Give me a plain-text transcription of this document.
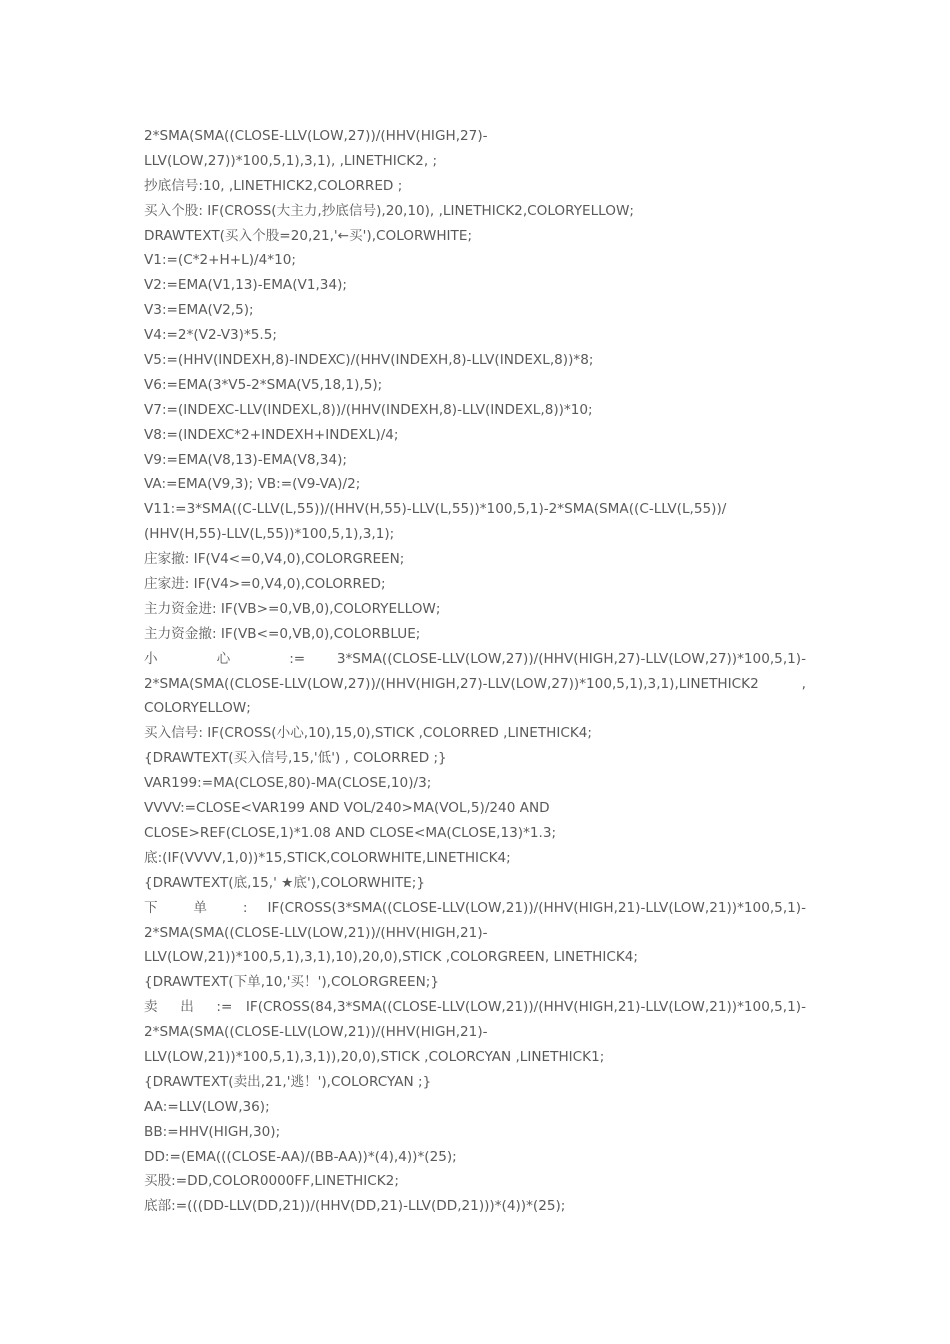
2*SMA(SMA((CLOSE-LLV(LOW,27))/(HHV(HIGH,27)-
LLV(LOW,27))*100,5,1),3,1), ,LINETHICK2, ;
抄底信号:10, ,LINETHICK2,COLORRED ;
买入个股: IF(CROSS(大主力,抄底信号),20,10), ,LINETHICK2,COLORYELLOW;
DRAWTEXT(买入个股=20,21,'←买'),COLORWHITE;
V1:=(C*2+H+L)/4*10;
V2:=EMA(V1,13)-EMA(V1,34);
V3:=EMA(V2,5);
V4:=2*(V2-V3)*5.5;
V5:=(HHV(INDEXH,8)-INDEXC)/(HHV(INDEXH,8)-LLV(INDEXL,8))*8;
V6:=EMA(3*V5-2*SMA(V5,18,1),5);
V7:=(INDEXC-LLV(INDEXL,8))/(HHV(INDEXH,8)-LLV(INDEXL,8))*10;
V8:=(INDEXC*2+INDEXH+INDEXL)/4;
V9:=EMA(V8,13)-EMA(V8,34);
VA:=EMA(V9,3); VB:=(V9-VA)/2;
V11:=3*SMA((C-LLV(L,55))/(HHV(H,55)-LLV(L,55))*100,5,1)-2*SMA(SMA((C-LLV(L,55))/
(HHV(H,55)-LLV(L,55))*100,5,1),3,1);
庄家撤: IF(V4<=0,V4,0),COLORGREEN;
庄家进: IF(V4>=0,V4,0),COLORRED;
主力资金进: IF(VB>=0,VB,0),COLORYELLOW;
主力资金撤: IF(VB<=0,VB,0),COLORBLUE;
小 心 := 3*SMA((CLOSE-LLV(LOW,27))/(HHV(HIGH,27)-LLV(LOW,27))*100,5,1)-
2*SMA(SMA((CLOSE-LLV(LOW,27))/(HHV(HIGH,27)-LLV(LOW,27))*100,5,1),3,1),LINETHICK2 ,
COLORYELLOW;
买入信号: IF(CROSS(小心,10),15,0),STICK ,COLORRED ,LINETHICK4;
{DRAWTEXT(买入信号,15,'低') , COLORRED ;}
VAR199:=MA(CLOSE,80)-MA(CLOSE,10)/3;
VVVV:=CLOSE<VAR199 AND VOL/240>MA(VOL,5)/240 AND
CLOSE>REF(CLOSE,1)*1.08 AND CLOSE<MA(CLOSE,13)*1.3;
底:(IF(VVVV,1,0))*15,STICK,COLORWHITE,LINETHICK4;
{DRAWTEXT(底,15,' ★底'),COLORWHITE;}
下 单 : IF(CROSS(3*SMA((CLOSE-LLV(LOW,21))/(HHV(HIGH,21)-LLV(LOW,21))*100,5,1)-
2*SMA(SMA((CLOSE-LLV(LOW,21))/(HHV(HIGH,21)-
LLV(LOW,21))*100,5,1),3,1),10),20,0),STICK ,COLORGREEN, LINETHICK4;
{DRAWTEXT(下单,10,'买！'),COLORGREEN;}
卖 出 := IF(CROSS(84,3*SMA((CLOSE-LLV(LOW,21))/(HHV(HIGH,21)-LLV(LOW,21))*100,5,1)-
2*SMA(SMA((CLOSE-LLV(LOW,21))/(HHV(HIGH,21)-
LLV(LOW,21))*100,5,1),3,1)),20,0),STICK ,COLORCYAN ,LINETHICK1;
{DRAWTEXT(卖出,21,'逃！'),COLORCYAN ;}
AA:=LLV(LOW,36);
BB:=HHV(HIGH,30);
DD:=(EMA(((CLOSE-AA)/(BB-AA))*(4),4))*(25);
买股:=DD,COLOR0000FF,LINETHICK2;
底部:=(((DD-LLV(DD,21))/(HHV(DD,21)-LLV(DD,21)))*(4))*(25);
